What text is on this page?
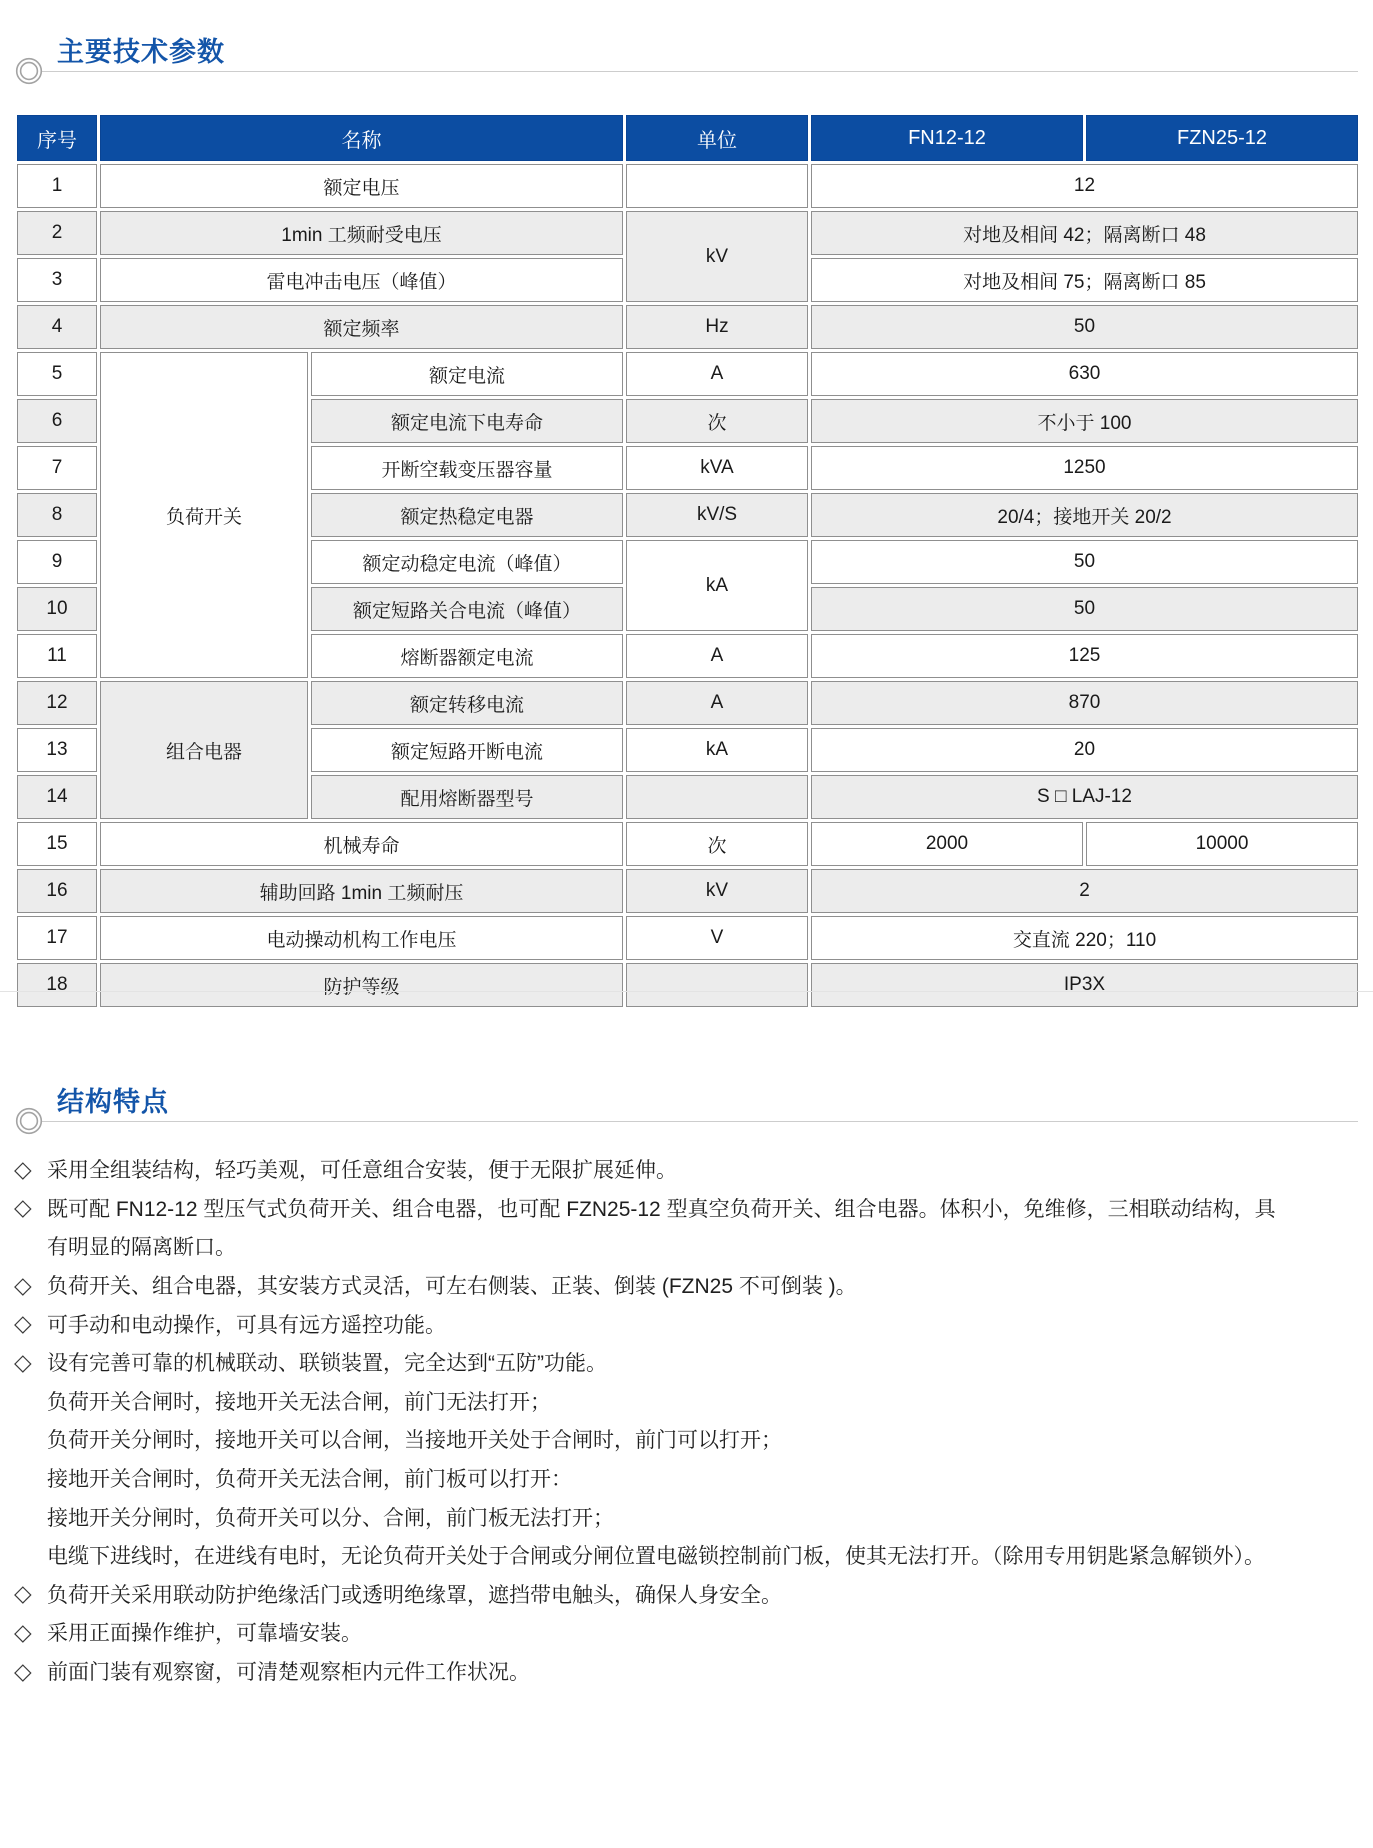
主要技术参数
序号	名称		单位	FN12-12	FZN25-12
1	额定电压			12	
2	1min 工频耐受电压		kV	对地及相间 42；隔离断口 48	
3	雷电冲击电压（峰值）			对地及相间 75；隔离断口 85	
4	额定频率		Hz	50	
5	负荷开关	额定电流	A	630	
6		额定电流下电寿命	次	不小于 100	
7		开断空载变压器容量	kVA	1250	
8		额定热稳定电器	kV/S	20/4；接地开关 20/2	
9		额定动稳定电流（峰值）	kA	50	
10		额定短路关合电流（峰值）		50	
11		熔断器额定电流	A	125	
12	组合电器	额定转移电流	A	870	
13		额定短路开断电流	kA	20	
14		配用熔断器型号		S □ LAJ-12	
15	机械寿命		次	2000	10000
16	辅助回路 1min 工频耐压		kV	2	
17	电动操动机构工作电压		V	交直流 220；110	
18	防护等级			IP3X	
结构特点
◇ 采用全组装结构，轻巧美观，可任意组合安装，便于无限扩展延伸。
◇ 既可配 FN12-12 型压气式负荷开关、组合电器，也可配 FZN25-12 型真空负荷开关、组合电器。体积小，免维修，三相联动结构，具
有明显的隔离断口。
◇ 负荷开关、组合电器，其安装方式灵活，可左右侧装、正装、倒装 (FZN25 不可倒装 )。
◇ 可手动和电动操作，可具有远方遥控功能。
◇ 设有完善可靠的机械联动、联锁装置，完全达到“五防”功能。
负荷开关合闸时，接地开关无法合闸，前门无法打开；
负荷开关分闸时，接地开关可以合闸，当接地开关处于合闸时，前门可以打开；
接地开关合闸时，负荷开关无法合闸，前门板可以打开：
接地开关分闸时，负荷开关可以分、合闸，前门板无法打开；
电缆下进线时，在进线有电时，无论负荷开关处于合闸或分闸位置电磁锁控制前门板，使其无法打开。（除用专用钥匙紧急解锁外）。
◇ 负荷开关采用联动防护绝缘活门或透明绝缘罩，遮挡带电触头，确保人身安全。
◇ 采用正面操作维护，可靠墙安装。
◇ 前面门装有观察窗，可清楚观察柜内元件工作状况。
